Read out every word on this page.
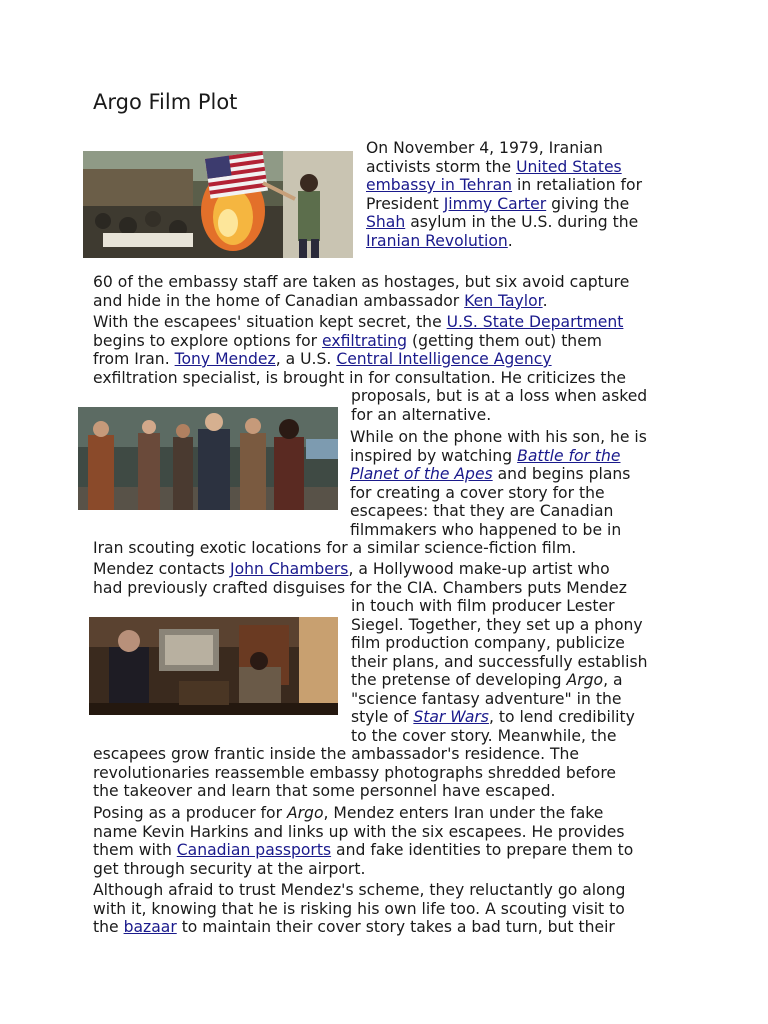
Argo Film Plot
On November 4, 1979, Iranian
activists storm the United States
embassy in Tehran in retaliation for
President Jimmy Carter giving the
Shah asylum in the U.S. during the
Iranian Revolution.
60 of the embassy staff are taken as hostages, but six avoid capture
and hide in the home of Canadian ambassador Ken Taylor.
With the escapees' situation kept secret, the U.S. State Department
begins to explore options for exfiltrating (getting them out) them
from Iran. Tony Mendez, a U.S. Central Intelligence Agency
exfiltration specialist, is brought in for consultation. He criticizes the
proposals, but is at a loss when asked
for an alternative.
While on the phone with his son, he is
inspired by watching Battle for the
Planet of the Apes and begins plans
for creating a cover story for the
escapees: that they are Canadian
filmmakers who happened to be in
Iran scouting exotic locations for a similar science-fiction film.
Mendez contacts John Chambers, a Hollywood make-up artist who
had previously crafted disguises for the CIA. Chambers puts Mendez
in touch with film producer Lester
Siegel. Together, they set up a phony
film production company, publicize
their plans, and successfully establish
the pretense of developing Argo, a
"science fantasy adventure" in the
style of Star Wars, to lend credibility
to the cover story. Meanwhile, the
escapees grow frantic inside the ambassador's residence. The
revolutionaries reassemble embassy photographs shredded before
the takeover and learn that some personnel have escaped.
Posing as a producer for Argo, Mendez enters Iran under the fake
name Kevin Harkins and links up with the six escapees. He provides
them with Canadian passports and fake identities to prepare them to
get through security at the airport.
Although afraid to trust Mendez's scheme, they reluctantly go along
with it, knowing that he is risking his own life too. A scouting visit to
the bazaar to maintain their cover story takes a bad turn, but their
